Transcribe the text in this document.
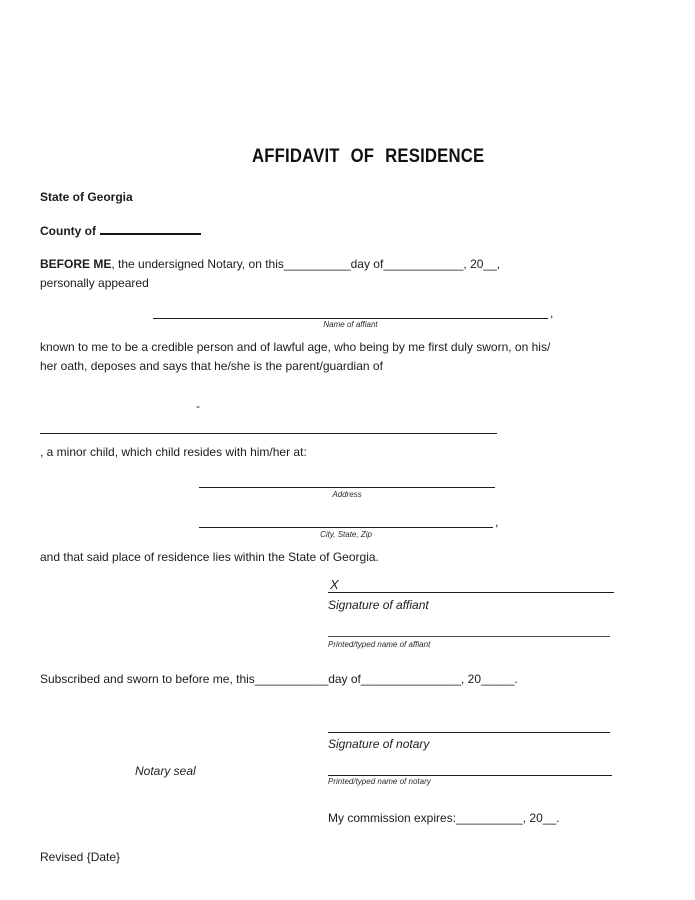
AFFIDAVIT OF RESIDENCE
State of Georgia
County of
BEFORE ME, the undersigned Notary, on this__________day of____________, 20__,
personally appeared
,
Name of affiant
known to me to be a credible person and of lawful age, who being by me first duly sworn, on his/
her oath, deposes and says that he/she is the parent/guardian of
-
, a minor child, which child resides with him/her at:
Address
,
City, State, Zip
and that said place of residence lies within the State of Georgia.
X
Signature of affiant
Printed/typed name of affiant
Subscribed and sworn to before me, this___________day of_______________, 20_____.
Signature of notary
Notary seal
Printed/typed name of notary
My commission expires:__________, 20__.
Revised {Date}
